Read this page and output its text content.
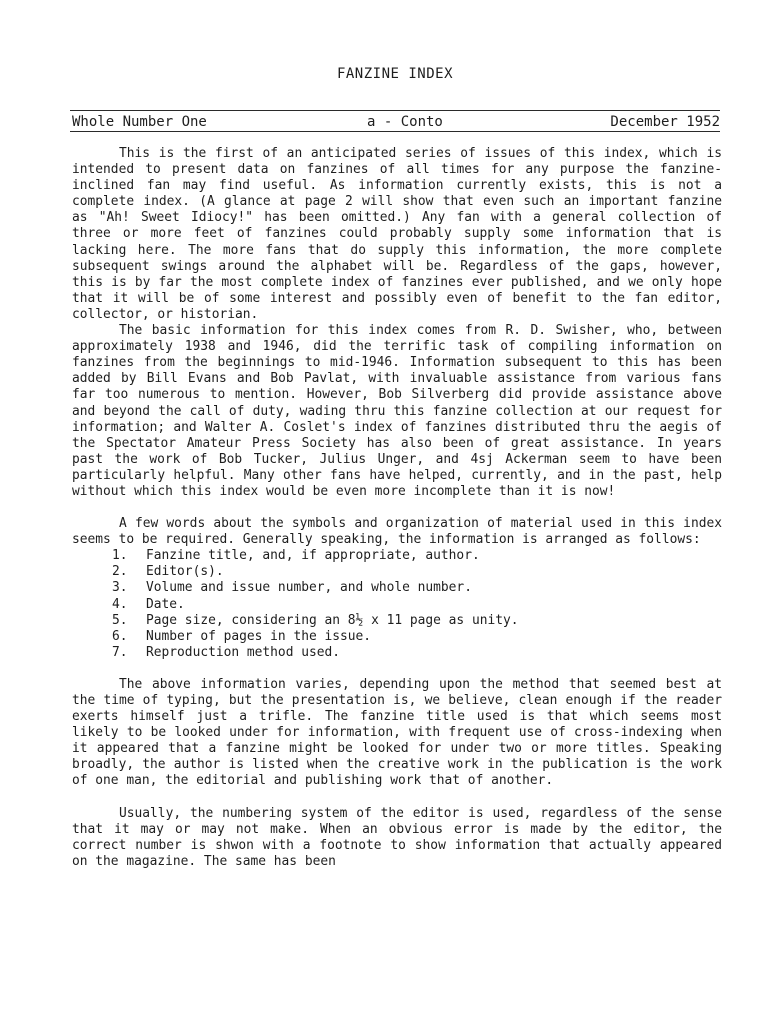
FANZINE INDEX
Whole Number One	a - Conto	December 1952

This is the first of an anticipated series of issues of this index, which is intended to present data on fanzines of all times for any purpose the fanzine-inclined fan may find useful. As information currently exists, this is not a complete index. (A glance at page 2 will show that even such an important fanzine as "Ah! Sweet Idiocy!" has been omitted.) Any fan with a general collection of three or more feet of fanzines could probably supply some information that is lacking here. The more fans that do supply this information, the more complete subsequent swings around the alphabet will be. Regardless of the gaps, however, this is by far the most complete index of fanzines ever published, and we only hope that it will be of some interest and possibly even of benefit to the fan editor, collector, or historian.

The basic information for this index comes from R. D. Swisher, who, between approximately 1938 and 1946, did the terrific task of compiling information on fanzines from the beginnings to mid-1946. Information subsequent to this has been added by Bill Evans and Bob Pavlat, with invaluable assistance from various fans far too numerous to mention. However, Bob Silverberg did provide assistance above and beyond the call of duty, wading thru this fanzine collection at our request for information; and Walter A. Coslet's index of fanzines distributed thru the aegis of the Spectator Amateur Press Society has also been of great assistance. In years past the work of Bob Tucker, Julius Unger, and 4sj Ackerman seem to have been particularly helpful. Many other fans have helped, currently, and in the past, help without which this index would be even more incomplete than it is now!

A few words about the symbols and organization of material used in this index seems to be required. Generally speaking, the information is arranged as follows:

1.	Fanzine title, and, if appropriate, author.
2.	Editor(s).
3.	Volume and issue number, and whole number.
4.	Date.
5.	Page size, considering an 8½ x 11 page as unity.
6.	Number of pages in the issue.
7.	Reproduction method used.

The above information varies, depending upon the method that seemed best at the time of typing, but the presentation is, we believe, clean enough if the reader exerts himself just a trifle. The fanzine title used is that which seems most likely to be looked under for information, with frequent use of cross-indexing when it appeared that a fanzine might be looked for under two or more titles. Speaking broadly, the author is listed when the creative work in the publication is the work of one man, the editorial and publishing work that of another.

Usually, the numbering system of the editor is used, regardless of the sense that it may or may not make. When an obvious error is made by the editor, the correct number is shwon with a footnote to show information that actually appeared on the magazine. The same has been
